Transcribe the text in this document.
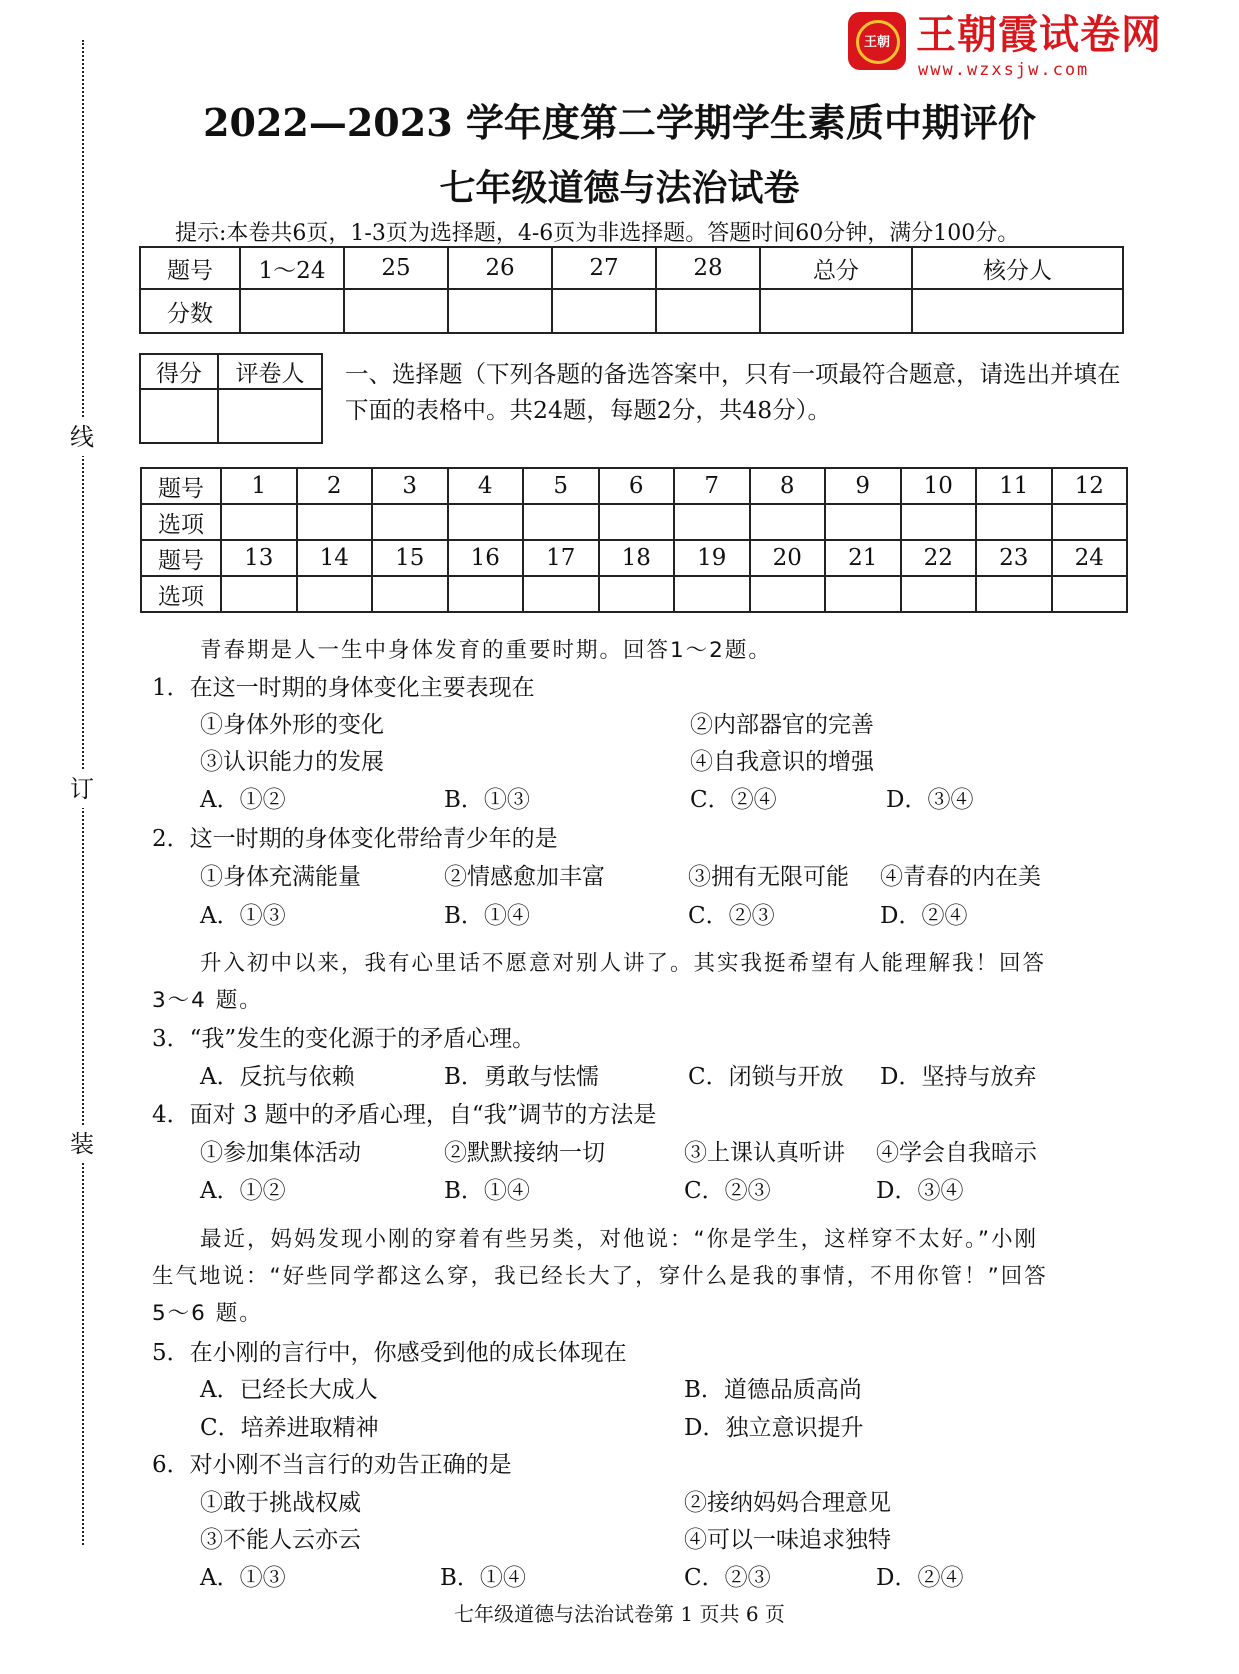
线
订
装
王朝 王朝霞试卷网
www.wzxsjw.com
2022—2023 学年度第二学期学生素质中期评价
七年级道德与法治试卷
提示:本卷共6页，1-3页为选择题，4-6页为非选择题。答题时间60分钟，满分100分。
题号	1～24	25	26	27	28	总分	核分人
分数							
得分	评卷人
	一、选择题（下列各题的备选答案中，只有一项最符合题意，请选出并填在下面的表格中。共24题，每题2分，共48分）。
题号	1	2	3	4	5	6	7	8	9	10	11	12
选项												
题号	13	14	15	16	17	18	19	20	21	22	23	24
选项												
青春期是人一生中身体发育的重要时期。回答1～2题。
1．在这一时期的身体变化主要表现在
①身体外形的变化	②内部器官的完善
③认识能力的发展	④自我意识的增强
A．①②	B．①③	C．②④	D．③④
2．这一时期的身体变化带给青少年的是
①身体充满能量	②情感愈加丰富	③拥有无限可能 ④青春的内在美
A．①③	B．①④	C．②③	D．②④
升入初中以来，我有心里话不愿意对别人讲了。其实我挺希望有人能理解我！回答
3～4 题。
3．“我”发生的变化源于的矛盾心理。
A．反抗与依赖	B．勇敢与怯懦	C．闭锁与开放 D．坚持与放弃
4．面对 3 题中的矛盾心理，自“我”调节的方法是
①参加集体活动	②默默接纳一切	③上课认真听讲 ④学会自我暗示
A．①②	B．①④	C．②③	D．③④
最近，妈妈发现小刚的穿着有些另类，对他说：“你是学生，这样穿不太好。”小刚
生气地说：“好些同学都这么穿，我已经长大了，穿什么是我的事情，不用你管！”回答
5～6 题。
5．在小刚的言行中，你感受到他的成长体现在
A．已经长大成人	B．道德品质高尚
C．培养进取精神	D．独立意识提升
6．对小刚不当言行的劝告正确的是
①敢于挑战权威	②接纳妈妈合理意见
③不能人云亦云	④可以一味追求独特
A．①③	B．①④	C．②③	D．②④
七年级道德与法治试卷第 1 页共 6 页
